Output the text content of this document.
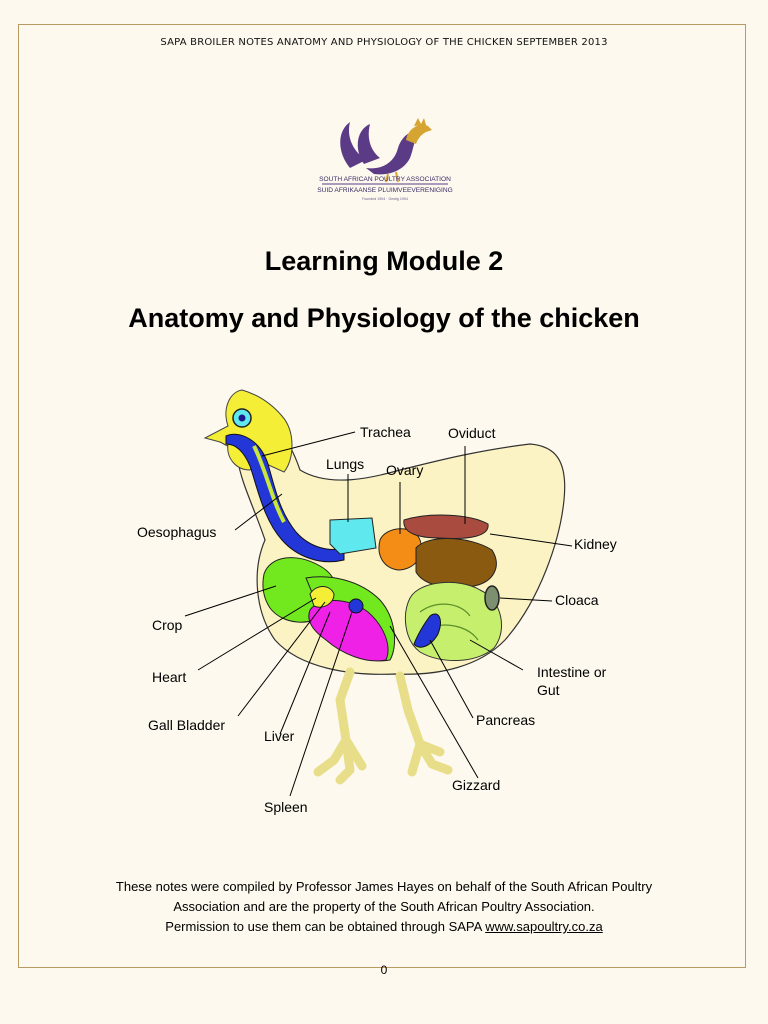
SAPA BROILER NOTES ANATOMY AND PHYSIOLOGY OF THE CHICKEN SEPTEMBER 2013
SOUTH AFRICAN POULTRY ASSOCIATION
SUID AFRIKAANSE PLUIMVEEVERENIGING
Founded 1904 · Gestig 1904
Learning Module 2
Anatomy and Physiology of the chicken
Trachea	Oviduct
Lungs Ovary
Oesophagus
Kidney
Cloaca
Crop
Heart	Intestine or
Gut
Gall Bladder
Liver
Pancreas
Gizzard
Spleen
These notes were compiled by Professor James Hayes on behalf of the South African Poultry
Association and are the property of the South African Poultry Association.
Permission to use them can be obtained through SAPA www.sapoultry.co.za
0
